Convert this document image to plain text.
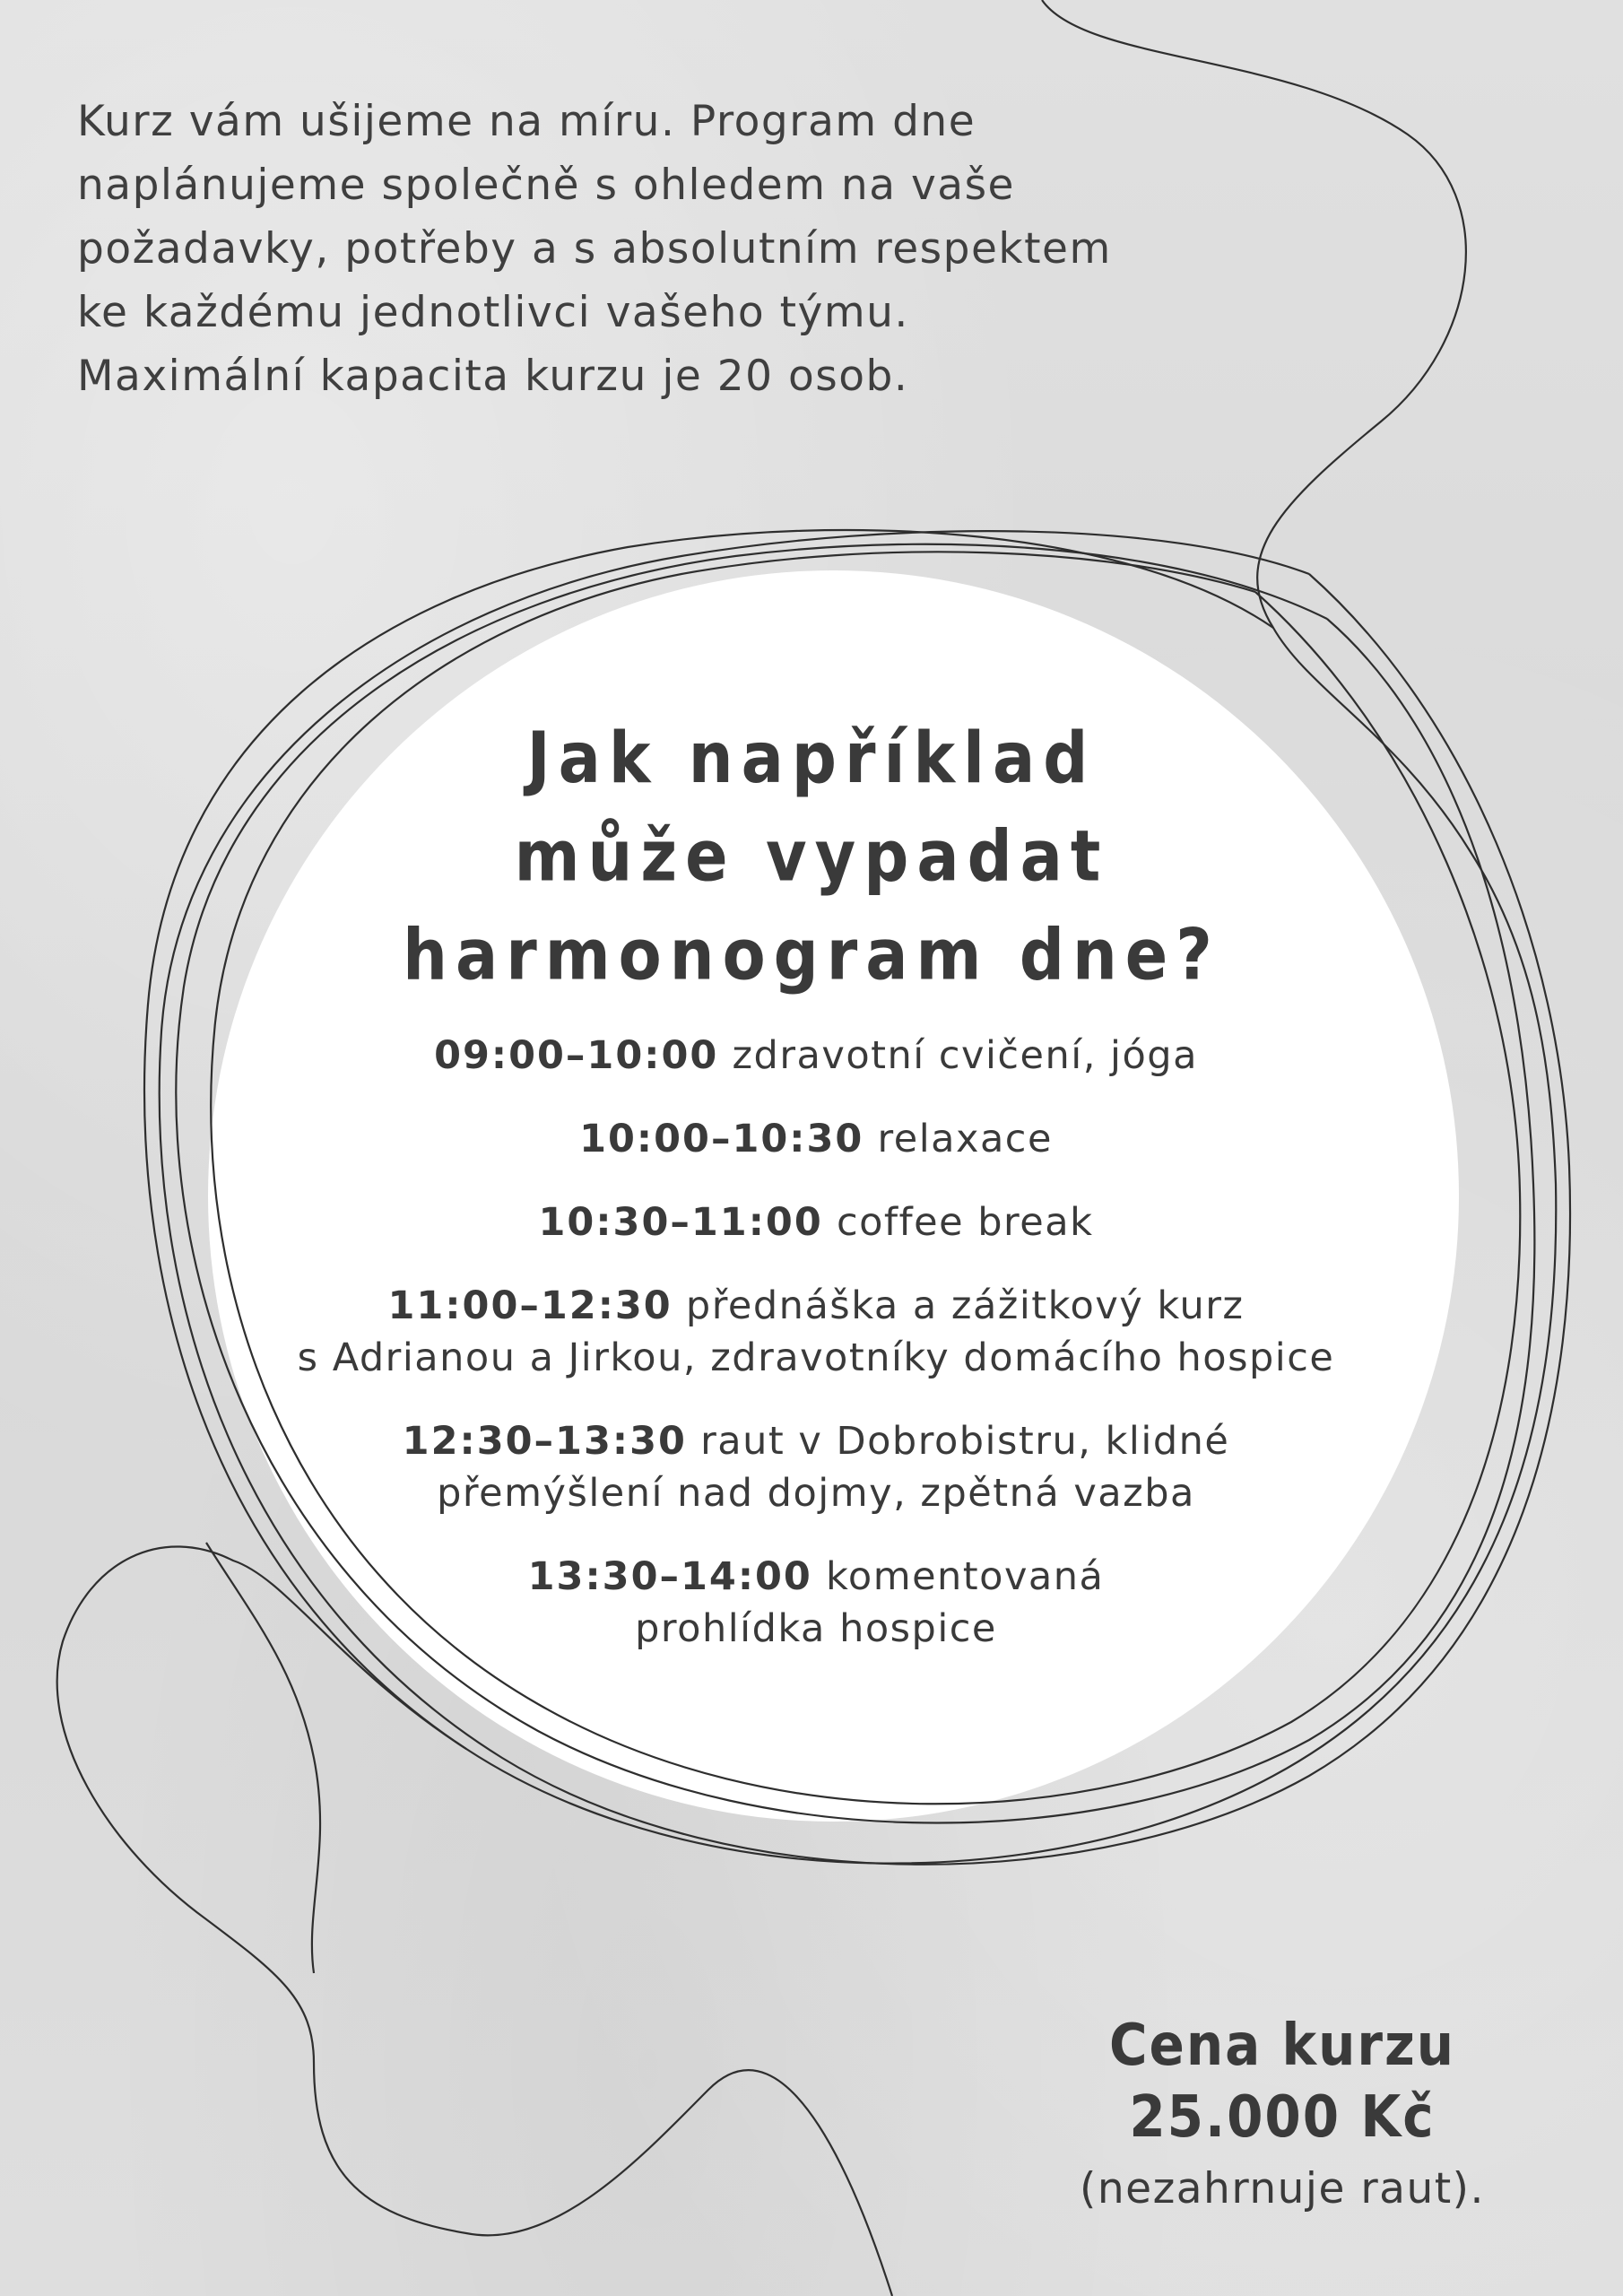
Kurz vám ušijeme na míru. Program dne
naplánujeme společně s ohledem na vaše
požadavky, potřeby a s absolutním respektem
ke každému jednotlivci vašeho týmu.
Maximální kapacita kurzu je 20 osob.
Jak například
může vypadat
harmonogram dne?
09:00–10:00 zdravotní cvičení, jóga
10:00–10:30 relaxace
10:30–11:00 coffee break
11:00–12:30 přednáška a zážitkový kurz
s Adrianou a Jirkou, zdravotníky domácího hospice
12:30–13:30 raut v Dobrobistru, klidné
přemýšlení nad dojmy, zpětná vazba
13:30–14:00 komentovaná
prohlídka hospice
Cena kurzu
25.000 Kč
(nezahrnuje raut).
